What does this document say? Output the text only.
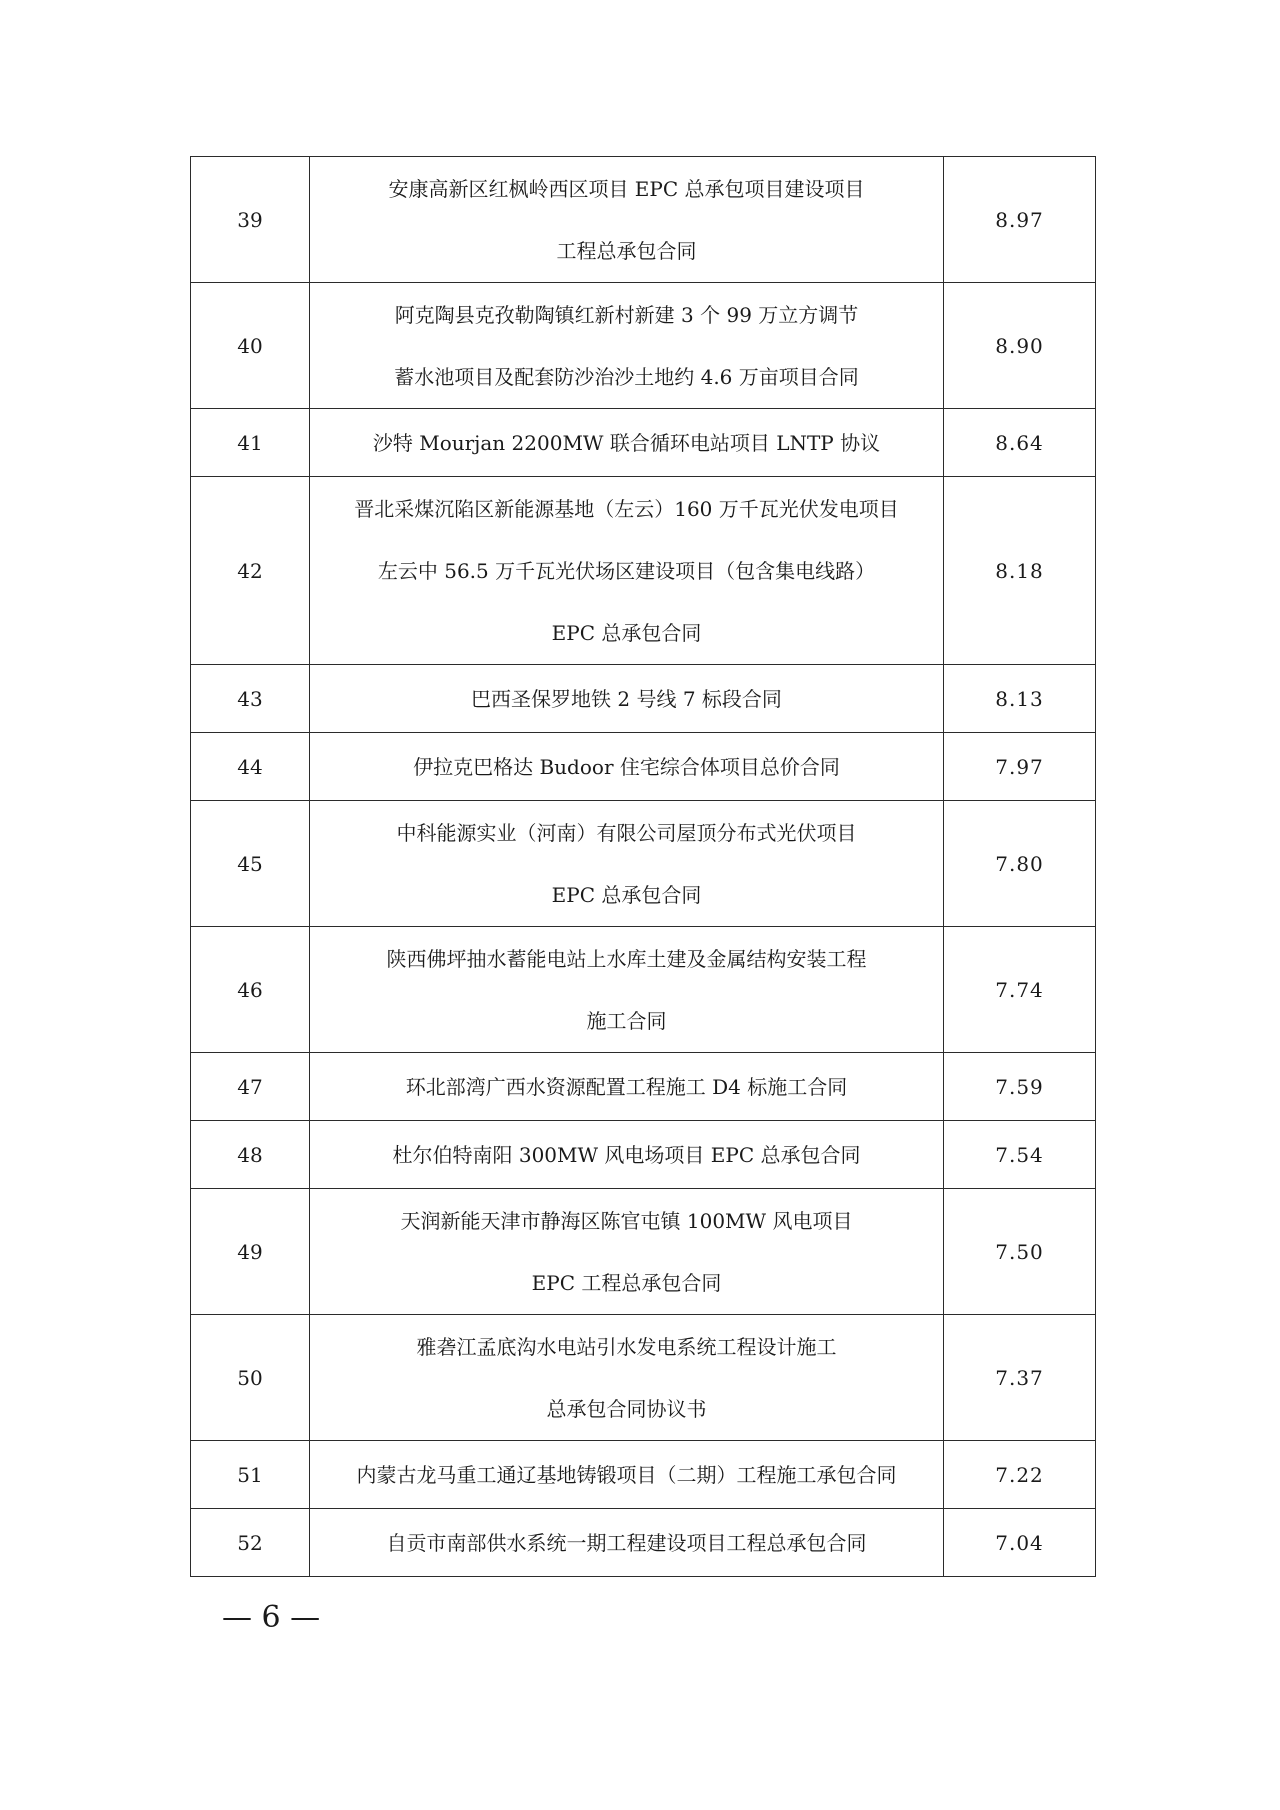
39	安康高新区红枫岭西区项目 EPC 总承包项目建设项目
工程总承包合同	8.97
40	阿克陶县克孜勒陶镇红新村新建 3 个 99 万立方调节
蓄水池项目及配套防沙治沙土地约 4.6 万亩项目合同	8.90
41	沙特 Mourjan 2200MW 联合循环电站项目 LNTP 协议	8.64
42	晋北采煤沉陷区新能源基地（左云）160 万千瓦光伏发电项目
左云中 56.5 万千瓦光伏场区建设项目（包含集电线路）
EPC 总承包合同	8.18
43	巴西圣保罗地铁 2 号线 7 标段合同	8.13
44	伊拉克巴格达 Budoor 住宅综合体项目总价合同	7.97
45	中科能源实业（河南）有限公司屋顶分布式光伏项目
EPC 总承包合同	7.80
46	陕西佛坪抽水蓄能电站上水库土建及金属结构安装工程
施工合同	7.74
47	环北部湾广西水资源配置工程施工 D4 标施工合同	7.59
48	杜尔伯特南阳 300MW 风电场项目 EPC 总承包合同	7.54
49	天润新能天津市静海区陈官屯镇 100MW 风电项目
EPC 工程总承包合同	7.50
50	雅砻江孟底沟水电站引水发电系统工程设计施工
总承包合同协议书	7.37
51	内蒙古龙马重工通辽基地铸锻项目（二期）工程施工承包合同	7.22
52	自贡市南部供水系统一期工程建设项目工程总承包合同	7.04
— 6 —
